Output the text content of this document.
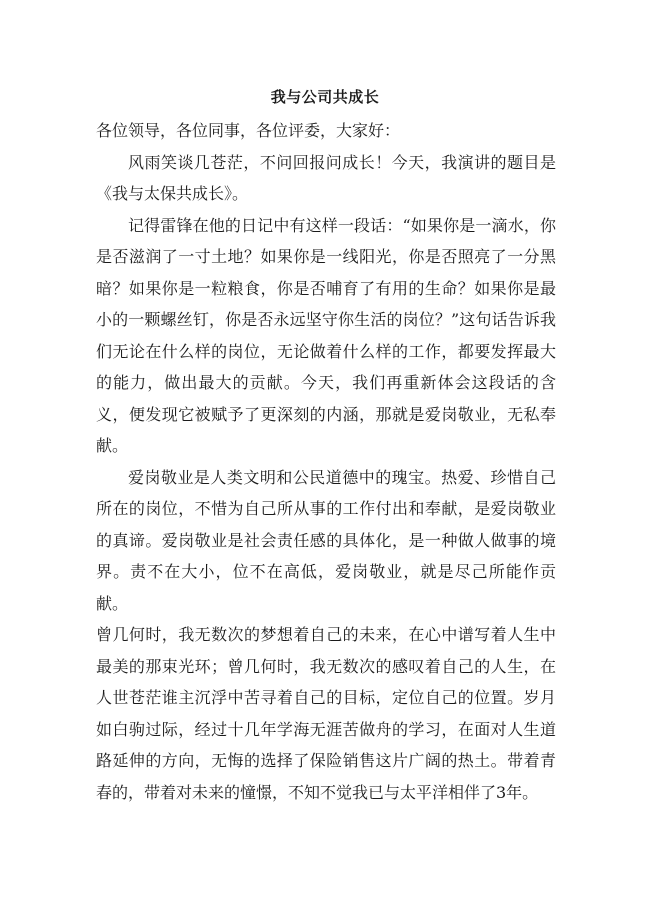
我与公司共成长

各位领导，各位同事，各位评委，大家好：

风雨笑谈几苍茫，不问回报问成长！今天，我演讲的题目是《我与太保共成长》。

记得雷锋在他的日记中有这样一段话：“如果你是一滴水，你是否滋润了一寸土地？如果你是一线阳光，你是否照亮了一分黑暗？如果你是一粒粮食，你是否哺育了有用的生命？如果你是最小的一颗螺丝钉，你是否永远坚守你生活的岗位？”这句话告诉我们无论在什么样的岗位，无论做着什么样的工作，都要发挥最大的能力，做出最大的贡献。今天，我们再重新体会这段话的含义，便发现它被赋予了更深刻的内涵，那就是爱岗敬业，无私奉献。

爱岗敬业是人类文明和公民道德中的瑰宝。热爱、珍惜自己所在的岗位，不惜为自己所从事的工作付出和奉献，是爱岗敬业的真谛。爱岗敬业是社会责任感的具体化，是一种做人做事的境界。责不在大小，位不在高低，爱岗敬业，就是尽己所能作贡献。

曾几何时，我无数次的梦想着自己的未来，在心中谱写着人生中最美的那束光环；曾几何时，我无数次的感叹着自己的人生，在人世苍茫谁主沉浮中苦寻着自己的目标，定位自己的位置。岁月如白驹过际，经过十几年学海无涯苦做舟的学习，在面对人生道路延伸的方向，无悔的选择了保险销售这片广阔的热土。带着青春的，带着对未来的憧憬，不知不觉我已与太平洋相伴了3年。
